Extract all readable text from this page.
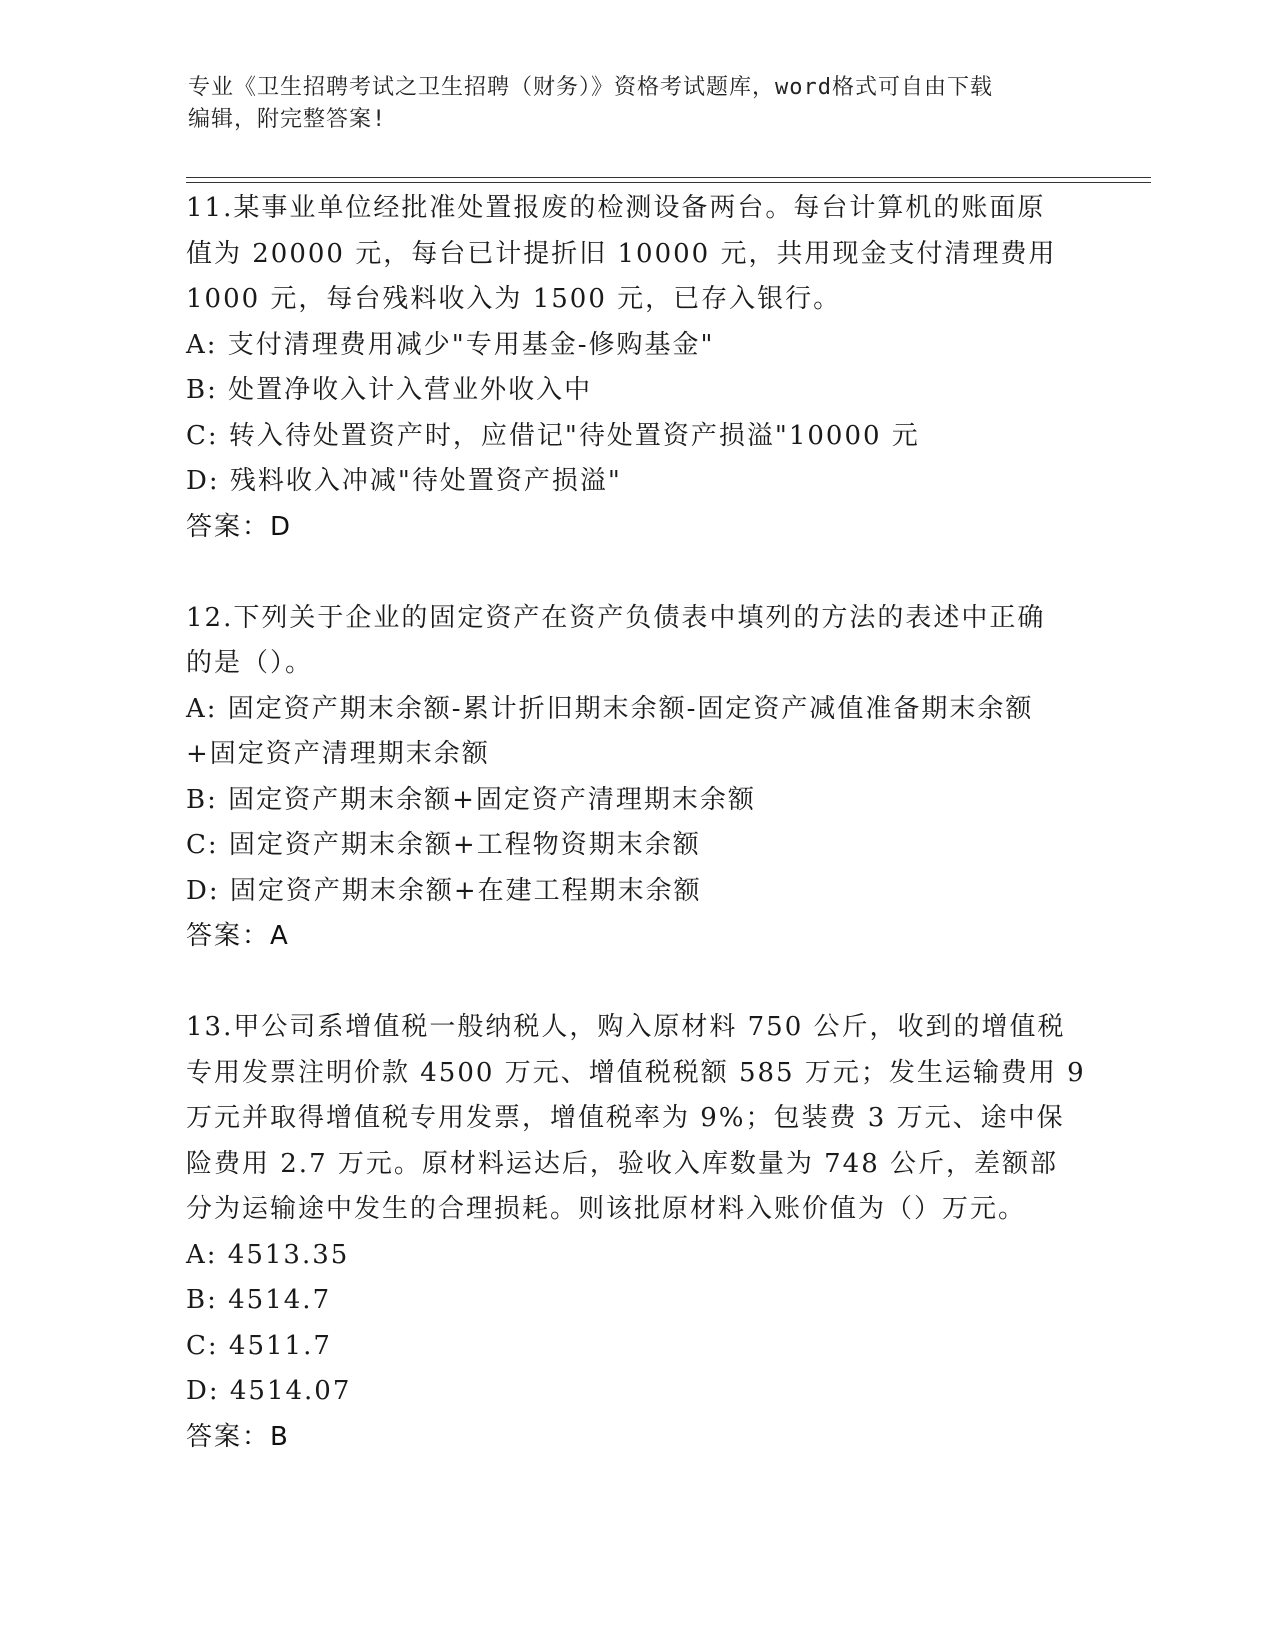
专业《卫生招聘考试之卫生招聘（财务）》资格考试题库，word格式可自由下载
编辑，附完整答案!
11.某事业单位经批准处置报废的检测设备两台。每台计算机的账面原
值为 20000 元，每台已计提折旧 10000 元，共用现金支付清理费用
1000 元，每台残料收入为 1500 元，已存入银行。
A: 支付清理费用减少"专用基金-修购基金"
B: 处置净收入计入营业外收入中
C: 转入待处置资产时，应借记"待处置资产损溢"10000 元
D: 残料收入冲减"待处置资产损溢"
答案：D
12.下列关于企业的固定资产在资产负债表中填列的方法的表述中正确
的是（）。
A: 固定资产期末余额-累计折旧期末余额-固定资产减值准备期末余额
+固定资产清理期末余额
B: 固定资产期末余额+固定资产清理期末余额
C: 固定资产期末余额+工程物资期末余额
D: 固定资产期末余额+在建工程期末余额
答案：A
13.甲公司系增值税一般纳税人，购入原材料 750 公斤，收到的增值税
专用发票注明价款 4500 万元、增值税税额 585 万元；发生运输费用 9
万元并取得增值税专用发票，增值税率为 9%；包装费 3 万元、途中保
险费用 2.7 万元。原材料运达后，验收入库数量为 748 公斤，差额部
分为运输途中发生的合理损耗。则该批原材料入账价值为（）万元。
A: 4513.35
B: 4514.7
C: 4511.7
D: 4514.07
答案：B
